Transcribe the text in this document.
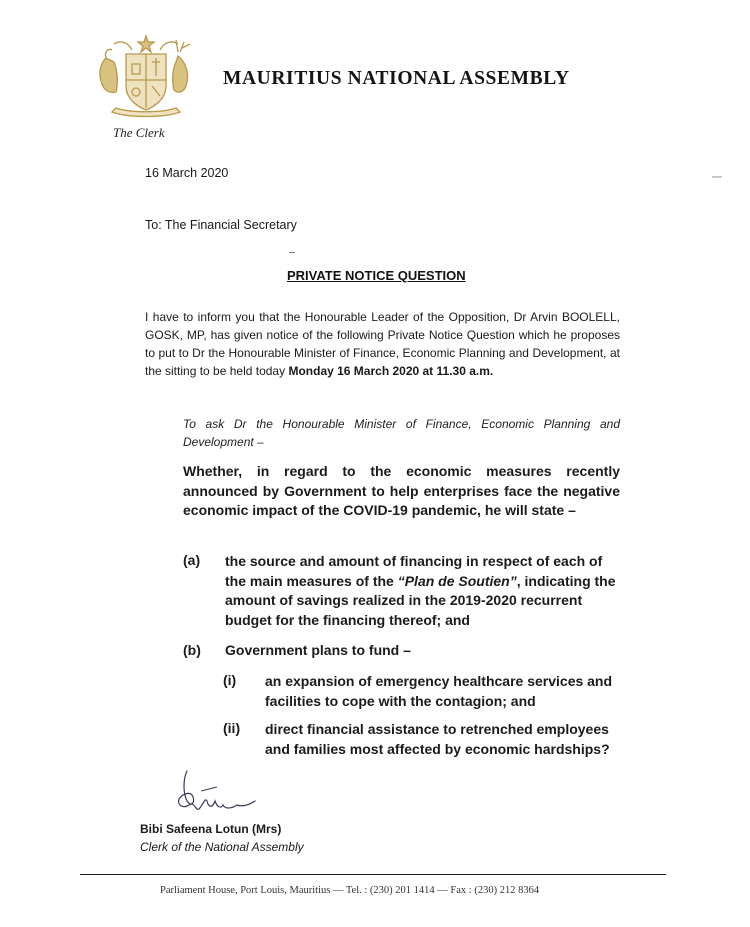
MAURITIUS NATIONAL ASSEMBLY
The Clerk
16 March 2020
To: The Financial Secretary
PRIVATE NOTICE QUESTION

I have to inform you that the Honourable Leader of the Opposition, Dr Arvin BOOLELL, GOSK, MP, has given notice of the following Private Notice Question which he proposes to put to Dr the Honourable Minister of Finance, Economic Planning and Development, at the sitting to be held today Monday 16 March 2020 at 11.30 a.m.

To ask Dr the Honourable Minister of Finance, Economic Planning and Development –

Whether, in regard to the economic measures recently announced by Government to help enterprises face the negative economic impact of the COVID-19 pandemic, he will state –

(a) the source and amount of financing in respect of each of the main measures of the “Plan de Soutien”, indicating the amount of savings realized in the 2019-2020 recurrent budget for the financing thereof; and

(b) Government plans to fund –
(i) an expansion of emergency healthcare services and facilities to cope with the contagion; and

(ii) direct financial assistance to retrenched employees and families most affected by economic hardships?

Bibi Safeena Lotun (Mrs)
Clerk of the National Assembly
Parliament House, Port Louis, Mauritius — Tel. : (230) 201 1414 — Fax : (230) 212 8364
